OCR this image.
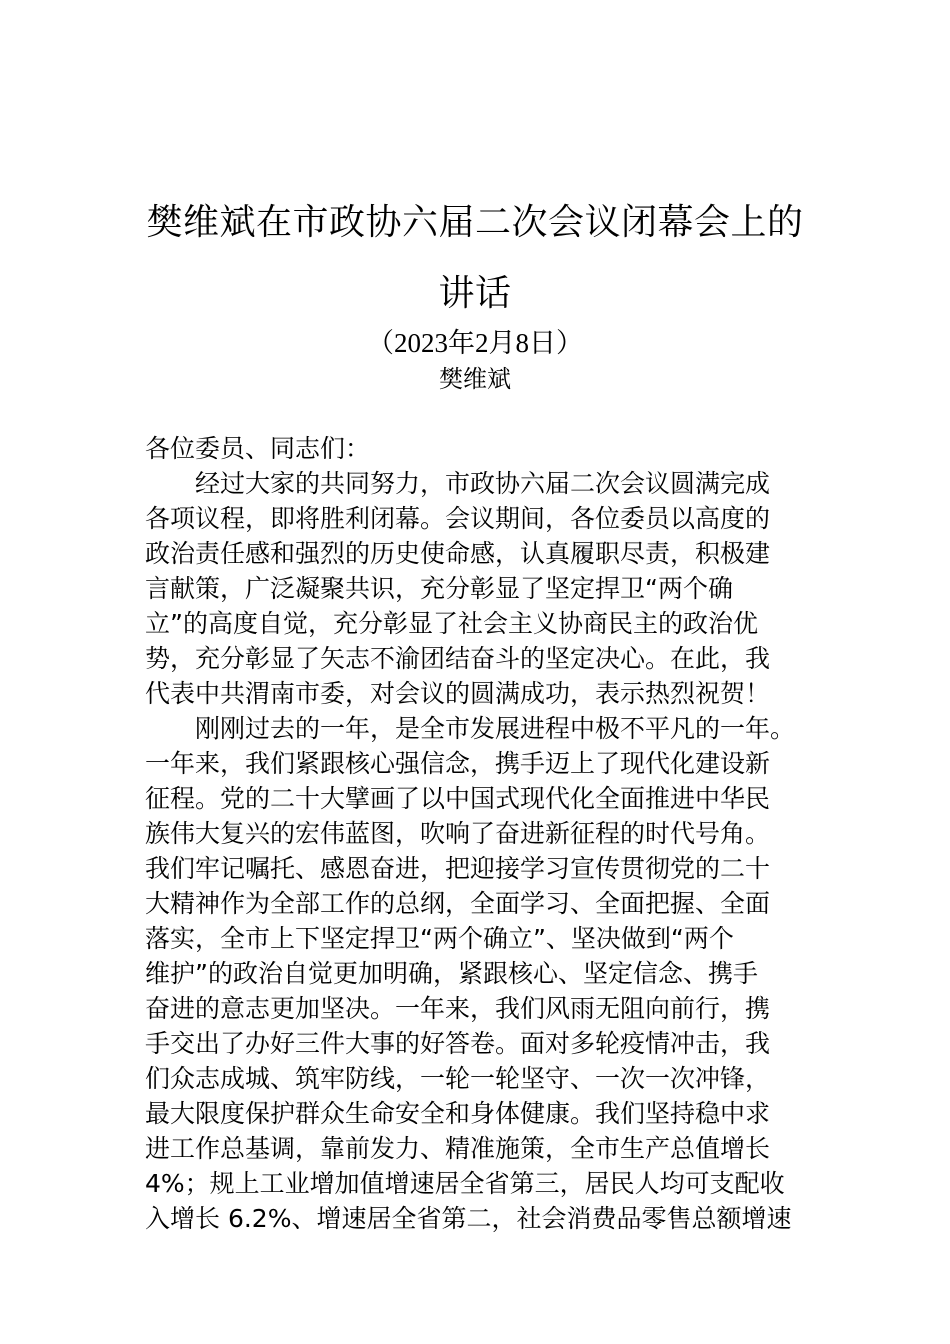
樊维斌在市政协六届二次会议闭幕会上的
讲话
（2023年2月8日）
樊维斌
各位委员、同志们：
经过大家的共同努力，市政协六届二次会议圆满完成
各项议程，即将胜利闭幕。会议期间，各位委员以高度的
政治责任感和强烈的历史使命感，认真履职尽责，积极建
言献策，广泛凝聚共识，充分彰显了坚定捍卫“两个确
立”的高度自觉，充分彰显了社会主义协商民主的政治优
势，充分彰显了矢志不渝团结奋斗的坚定决心。在此，我
代表中共渭南市委，对会议的圆满成功，表示热烈祝贺！
刚刚过去的一年，是全市发展进程中极不平凡的一年。
一年来，我们紧跟核心强信念，携手迈上了现代化建设新
征程。党的二十大擘画了以中国式现代化全面推进中华民
族伟大复兴的宏伟蓝图，吹响了奋进新征程的时代号角。
我们牢记嘱托、感恩奋进，把迎接学习宣传贯彻党的二十
大精神作为全部工作的总纲，全面学习、全面把握、全面
落实，全市上下坚定捍卫“两个确立”、坚决做到“两个
维护”的政治自觉更加明确，紧跟核心、坚定信念、携手
奋进的意志更加坚决。一年来，我们风雨无阻向前行，携
手交出了办好三件大事的好答卷。面对多轮疫情冲击，我
们众志成城、筑牢防线，一轮一轮坚守、一次一次冲锋，
最大限度保护群众生命安全和身体健康。我们坚持稳中求
进工作总基调，靠前发力、精准施策，全市生产总值增长
4%；规上工业增加值增速居全省第三，居民人均可支配收
入增长 6.2%、增速居全省第二，社会消费品零售总额增速
